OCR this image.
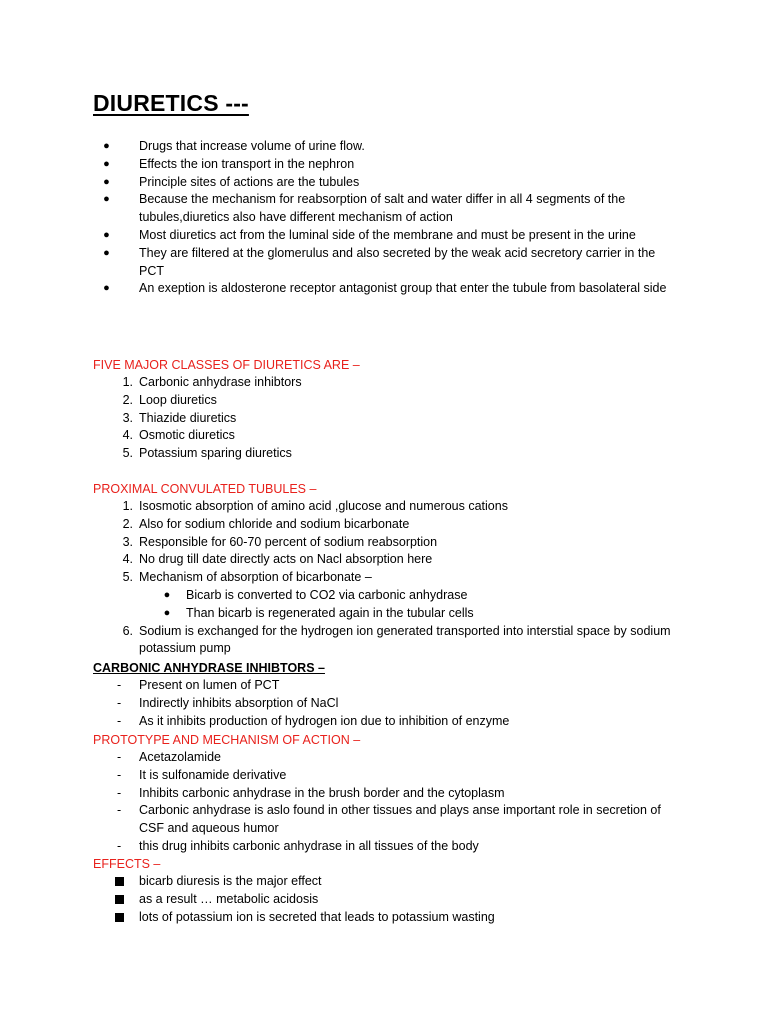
DIURETICS ---
●	Drugs that increase volume of urine flow.
●	Effects the ion transport in the nephron
●	Principle sites of actions are the tubules
●	Because the mechanism for reabsorption of salt and water differ in all 4 segments of the tubules,diuretics also have different mechanism of action
●	Most diuretics act from the luminal side of the membrane and must be present in the urine
●	They are filtered at the glomerulus and also secreted by the weak acid secretory carrier in the PCT
●	An exeption is aldosterone receptor antagonist group that enter the tubule from basolateral side
FIVE MAJOR CLASSES OF DIURETICS ARE –
1. Carbonic anhydrase inhibtors
2. Loop diuretics
3. Thiazide diuretics
4. Osmotic diuretics
5. Potassium sparing diuretics
PROXIMAL CONVULATED TUBULES –
1. Isosmotic absorption of amino acid ,glucose and numerous cations
2. Also for sodium chloride and sodium bicarbonate
3. Responsible for 60-70 percent of sodium reabsorption
4. No drug till date directly acts on Nacl absorption here
5. Mechanism of absorption of bicarbonate –
●	Bicarb is converted to CO2 via carbonic anhydrase
●	Than bicarb is regenerated again in the tubular cells
6. Sodium is exchanged for the hydrogen ion generated transported into interstial space by sodium potassium pump
CARBONIC ANHYDRASE INHIBTORS –
-	Present on lumen of PCT
-	Indirectly inhibits absorption of NaCl
-	As it inhibits production of hydrogen ion due to inhibition of enzyme
PROTOTYPE AND MECHANISM OF ACTION –
-	Acetazolamide
-	It is sulfonamide derivative
-	Inhibits carbonic anhydrase in the brush border and the cytoplasm
-	Carbonic anhydrase is aslo found in other tissues and plays anse important role in secretion of CSF and aqueous humor
-	this drug inhibits carbonic anhydrase in all tissues of the body
EFFECTS –
bicarb diuresis is the major effect
as a result … metabolic acidosis
lots of potassium ion is secreted that leads to potassium wasting
